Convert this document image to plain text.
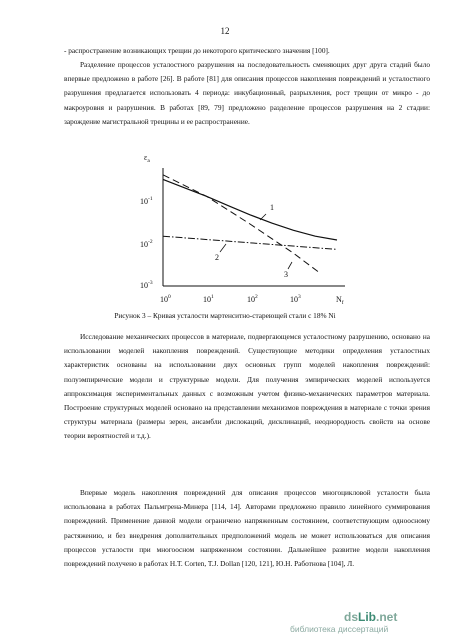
12

- распространение возникающих трещин до некоторого критического значения [100].

Разделение процессов усталостного разрушения на последовательность сменяющих друг друга стадий было впервые предложено в работе [26]. В работе [81] для описания процессов накопления повреждений и усталостного разрушения предлагается использовать 4 периода: инкубационный, разрыхления, рост трещин от микро - до макроуровня и разрушения. В работах [89, 79] предложено разделение процессов разрушения на 2 стадии: зарождение магистральной трещины и ее распространение.

$\varepsilon_a$
$N_f$
$10^{-1}$
$10^{-2}$
$10^{-3}$
$10^0$	$10^1$	$10^2$	$10^3$
1
2
3
Рисунок 3 – Кривая усталости мартенситно-стареющей стали с 18% Ni

Исследование механических процессов в материале, подвергающемся усталостному разрушению, основано на использовании моделей накопления повреждений. Существующие методики определения усталостных характеристик основаны на использовании двух основных групп моделей накопления повреждений: полуэмпирические модели и структурные модели. Для получения эмпирических моделей используется аппроксимация экспериментальных данных с возможным учетом физико-механических параметров материала. Построение структурных моделей основано на представлении механизмов повреждения в материале с точки зрения структуры материала (размеры зерен, ансамбли дислокаций, дисклинаций, неоднородность свойств на основе теории вероятностей и т.д.).

Впервые модель накопления повреждений для описания процессов многоцикловой усталости была использована в работах Пальмгрена-Минера [114, 14]. Авторами предложено правило линейного суммирования повреждений. Применение данной модели ограничено напряженным состоянием, соответствующим одноосному растяжению, и без внедрения дополнительных предположений модель не может использоваться для описания процессов усталости при многоосном напряженном состоянии. Дальнейшее развитие модели накопления повреждений получено в работах H.T. Corten, T.J. Dollan [120, 121], Ю.Н. Работнова [104], Л.

dsLib.net
библиотека диссертаций
